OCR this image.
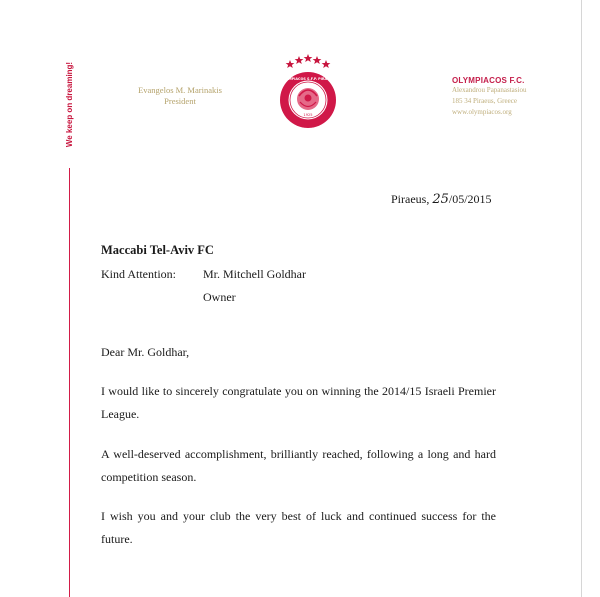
We keep on dreaming!	Evangelos M. Marinakis
President
1925
OLYMPIACOS S.F.P. PIRAEUS	OLYMPIACOS F.C.
Alexandrou Papanastasiou
185 34 Piraeus, Greece
www.olympiacos.org
Piraeus, 25/05/2015
Maccabi Tel-Aviv FC
Kind Attention: Mr. Mitchell Goldhar
Owner
Dear Mr. Goldhar,
I would like to sincerely congratulate you on winning the 2014/15 Israeli Premier League.
A well-deserved accomplishment, brilliantly reached, following a long and hard competition season.
I wish you and your club the very best of luck and continued success for the future.
